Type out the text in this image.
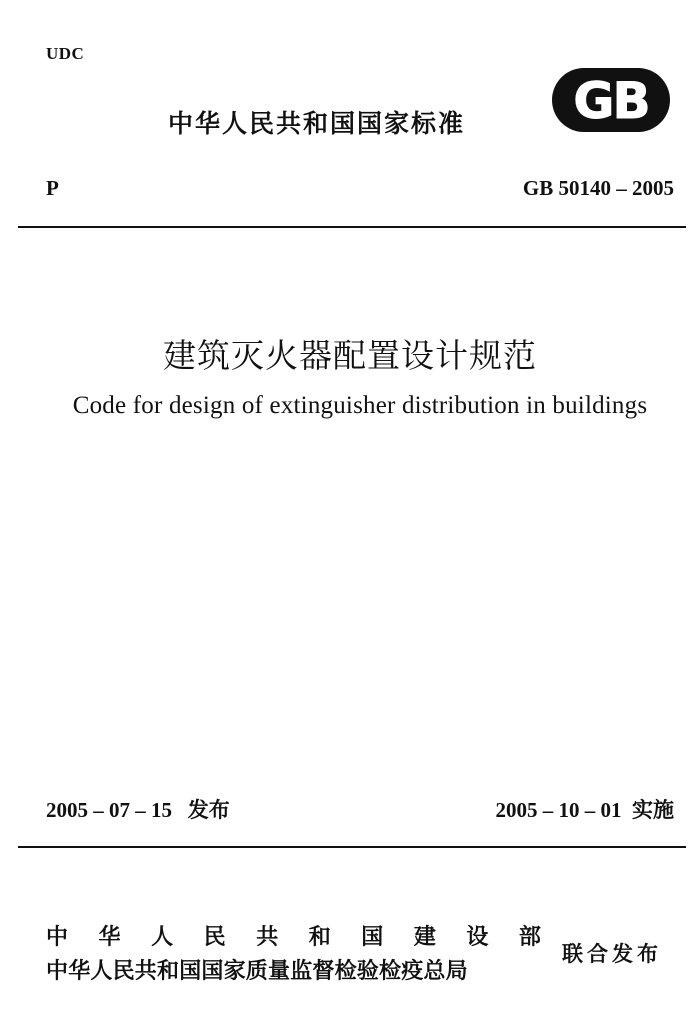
UDC
中华人民共和国国家标准 GB
P	GB 50140 – 2005
建筑灭火器配置设计规范
Code for design of extinguisher distribution in buildings
2005 – 07 – 15 发布	2005 – 10 – 01 实施
中 华 人 民 共 和 国 建 设 部
中华人民共和国国家质量监督检验检疫总局
联合发布
